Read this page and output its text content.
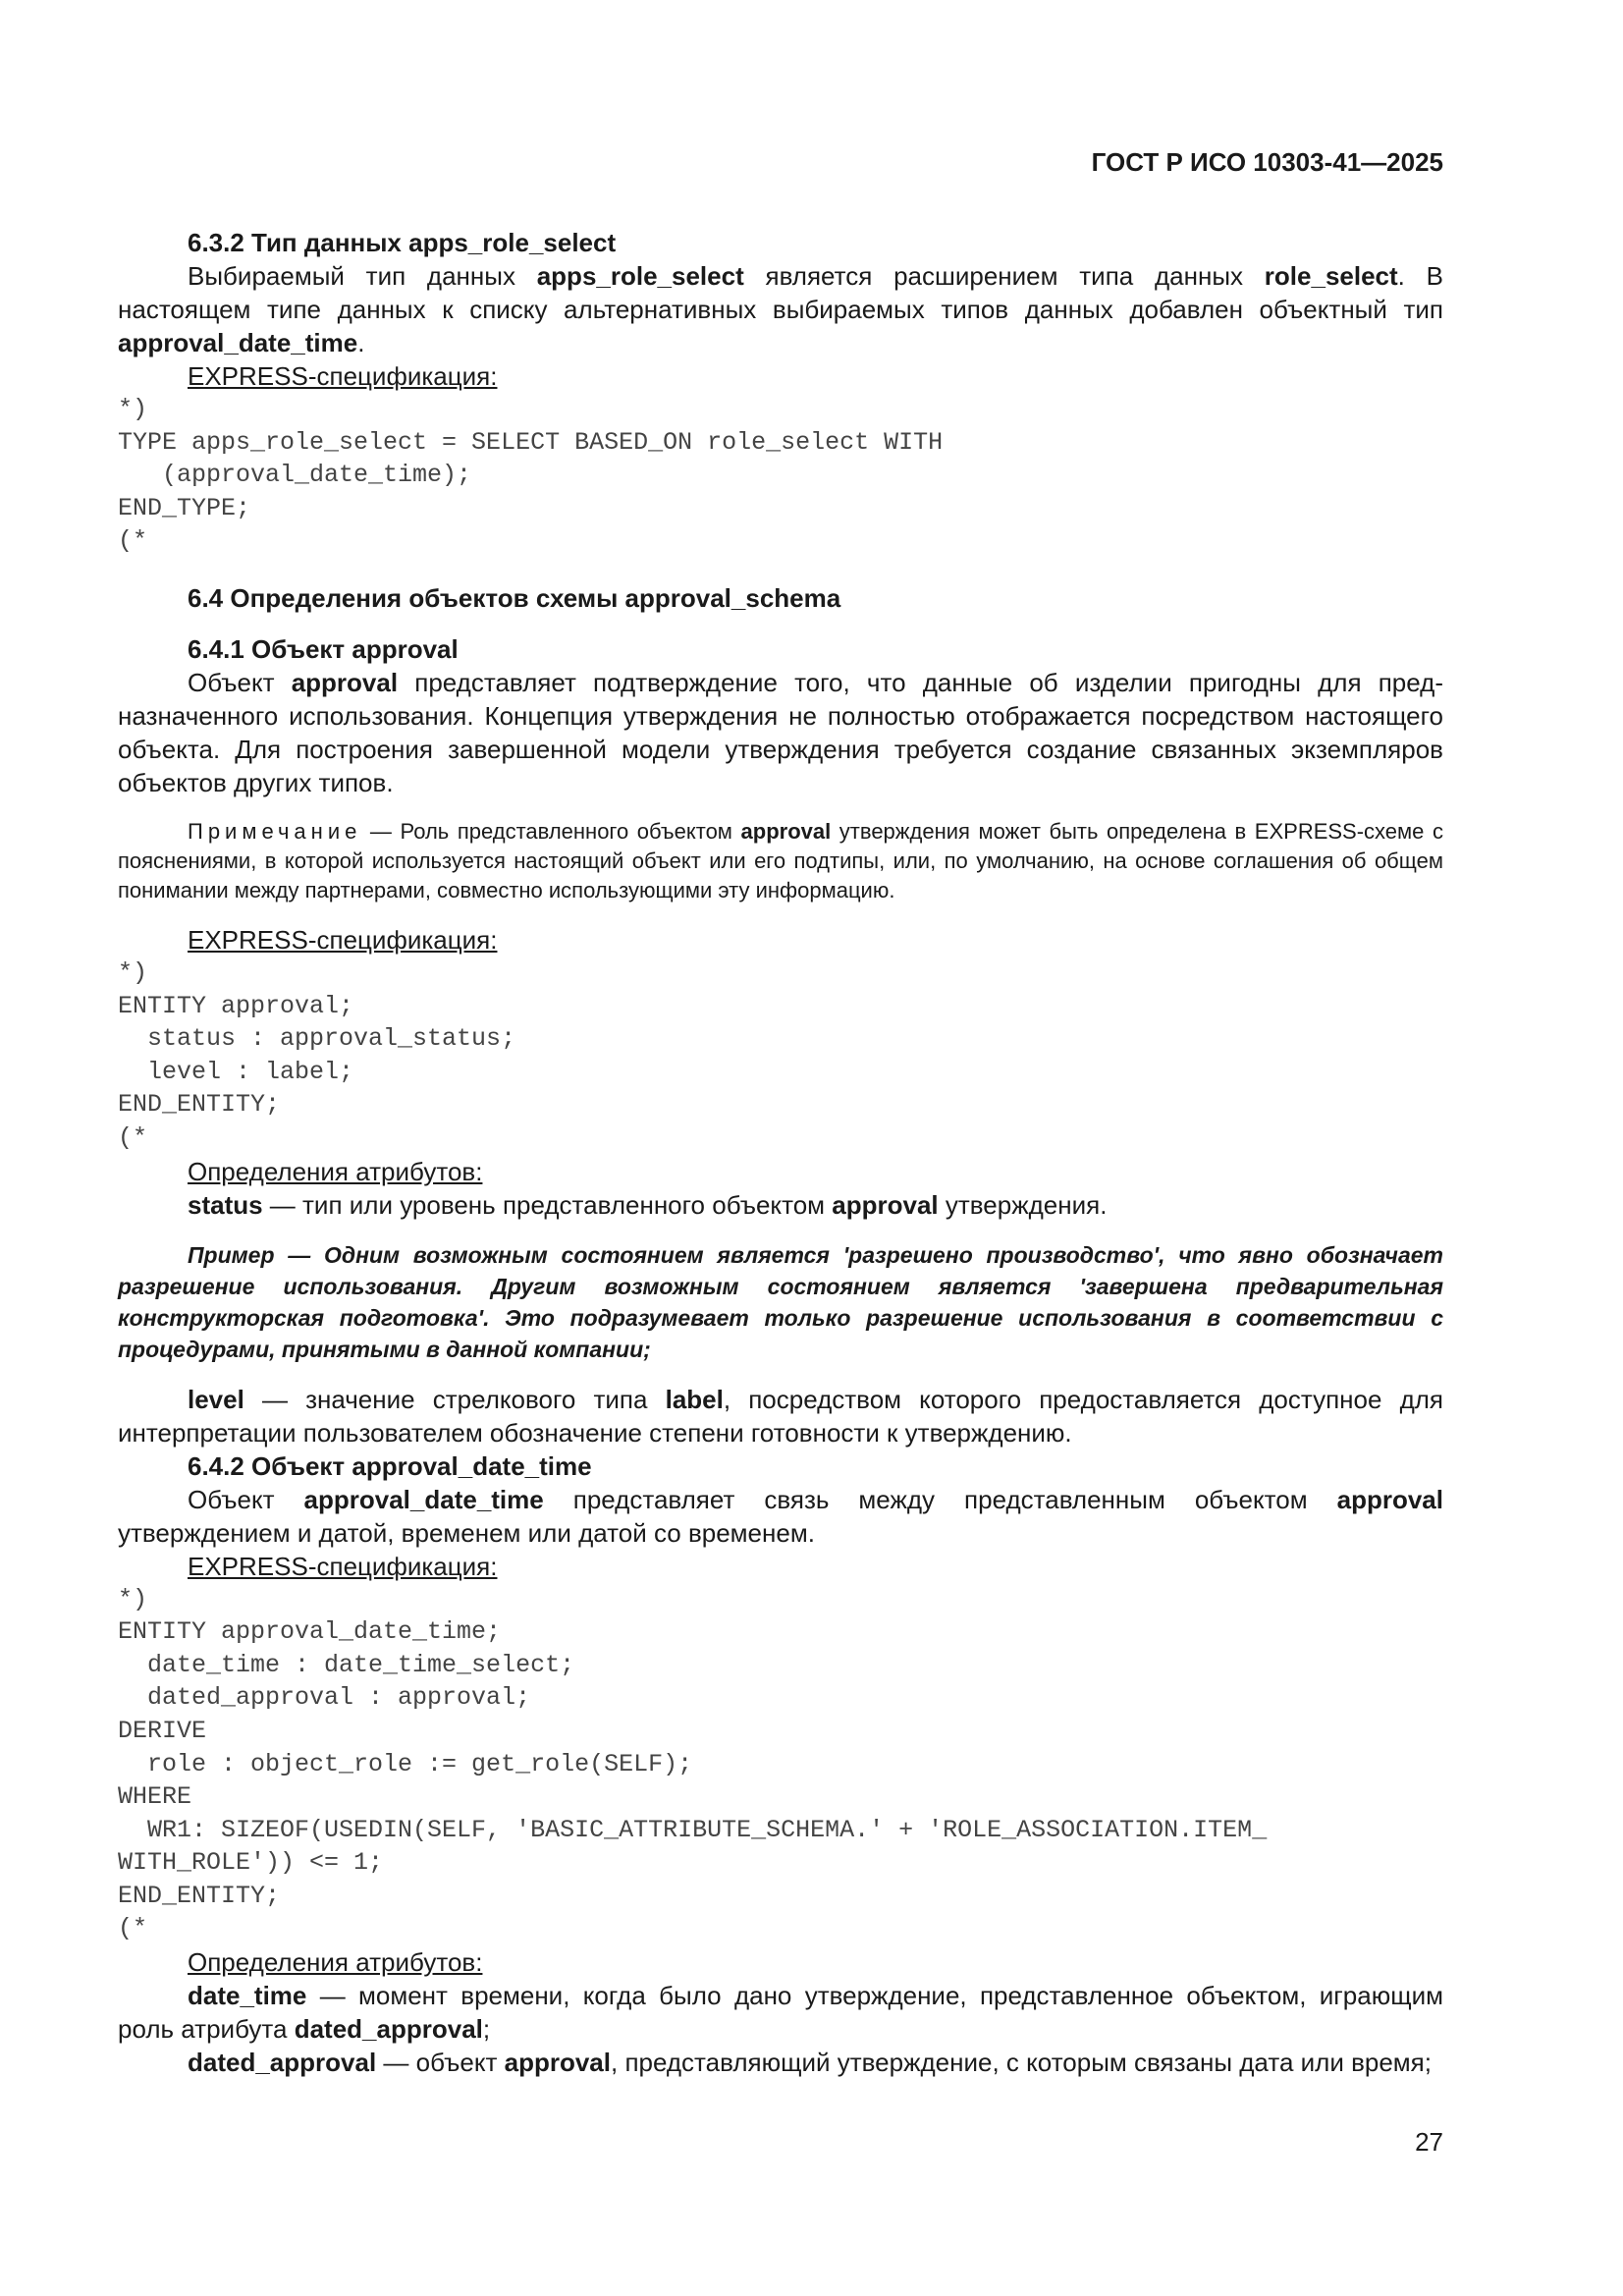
ГОСТ Р ИСО 10303-41—2025

6.3.2 Тип данных apps_role_select

Выбираемый тип данных apps_role_select является расширением типа данных role_select. В настоящем типе данных к списку альтернативных выбираемых типов данных добавлен объектный тип approval_date_time.

EXPRESS-спецификация:

*)
TYPE apps_role_select = SELECT BASED_ON role_select WITH
(approval_date_time);
END_TYPE;
(*

6.4 Определения объектов схемы approval_schema

6.4.1 Объект approval

Объект approval представляет подтверждение того, что данные об изделии пригодны для предназначенного использования. Концепция утверждения не полностью отображается посредством настоящего объекта. Для построения завершенной модели утверждения требуется создание связанных экземпляров объектов других типов.

Примечание — Роль представленного объектом approval утверждения может быть определена в EXPRESS-схеме с пояснениями, в которой используется настоящий объект или его подтипы, или, по умолчанию, на основе соглашения об общем понимании между партнерами, совместно использующими эту информацию.

EXPRESS-спецификация:

*)
ENTITY approval;
status : approval_status;
level : label;
END_ENTITY;
(*

Определения атрибутов:

status — тип или уровень представленного объектом approval утверждения.

Пример — Одним возможным состоянием является 'разрешено производство', что явно обозначает разрешение использования. Другим возможным состоянием является 'завершена предварительная конструкторская подготовка'. Это подразумевает только разрешение использования в соответствии с процедурами, принятыми в данной компании;

level — значение стрелкового типа label, посредством которого предоставляется доступное для интерпретации пользователем обозначение степени готовности к утверждению.

6.4.2 Объект approval_date_time

Объект approval_date_time представляет связь между представленным объектом approval утверждением и датой, временем или датой со временем.

EXPRESS-спецификация:

*)
ENTITY approval_date_time;
date_time : date_time_select;
dated_approval : approval;
DERIVE
role : object_role := get_role(SELF);
WHERE
WR1: SIZEOF(USEDIN(SELF, 'BASIC_ATTRIBUTE_SCHEMA.' + 'ROLE_ASSOCIATION.ITEM_
WITH_ROLE')) <= 1;
END_ENTITY;
(*

Определения атрибутов:

date_time — момент времени, когда было дано утверждение, представленное объектом, играющим роль атрибута dated_approval;

dated_approval — объект approval, представляющий утверждение, с которым связаны дата или время;

27
